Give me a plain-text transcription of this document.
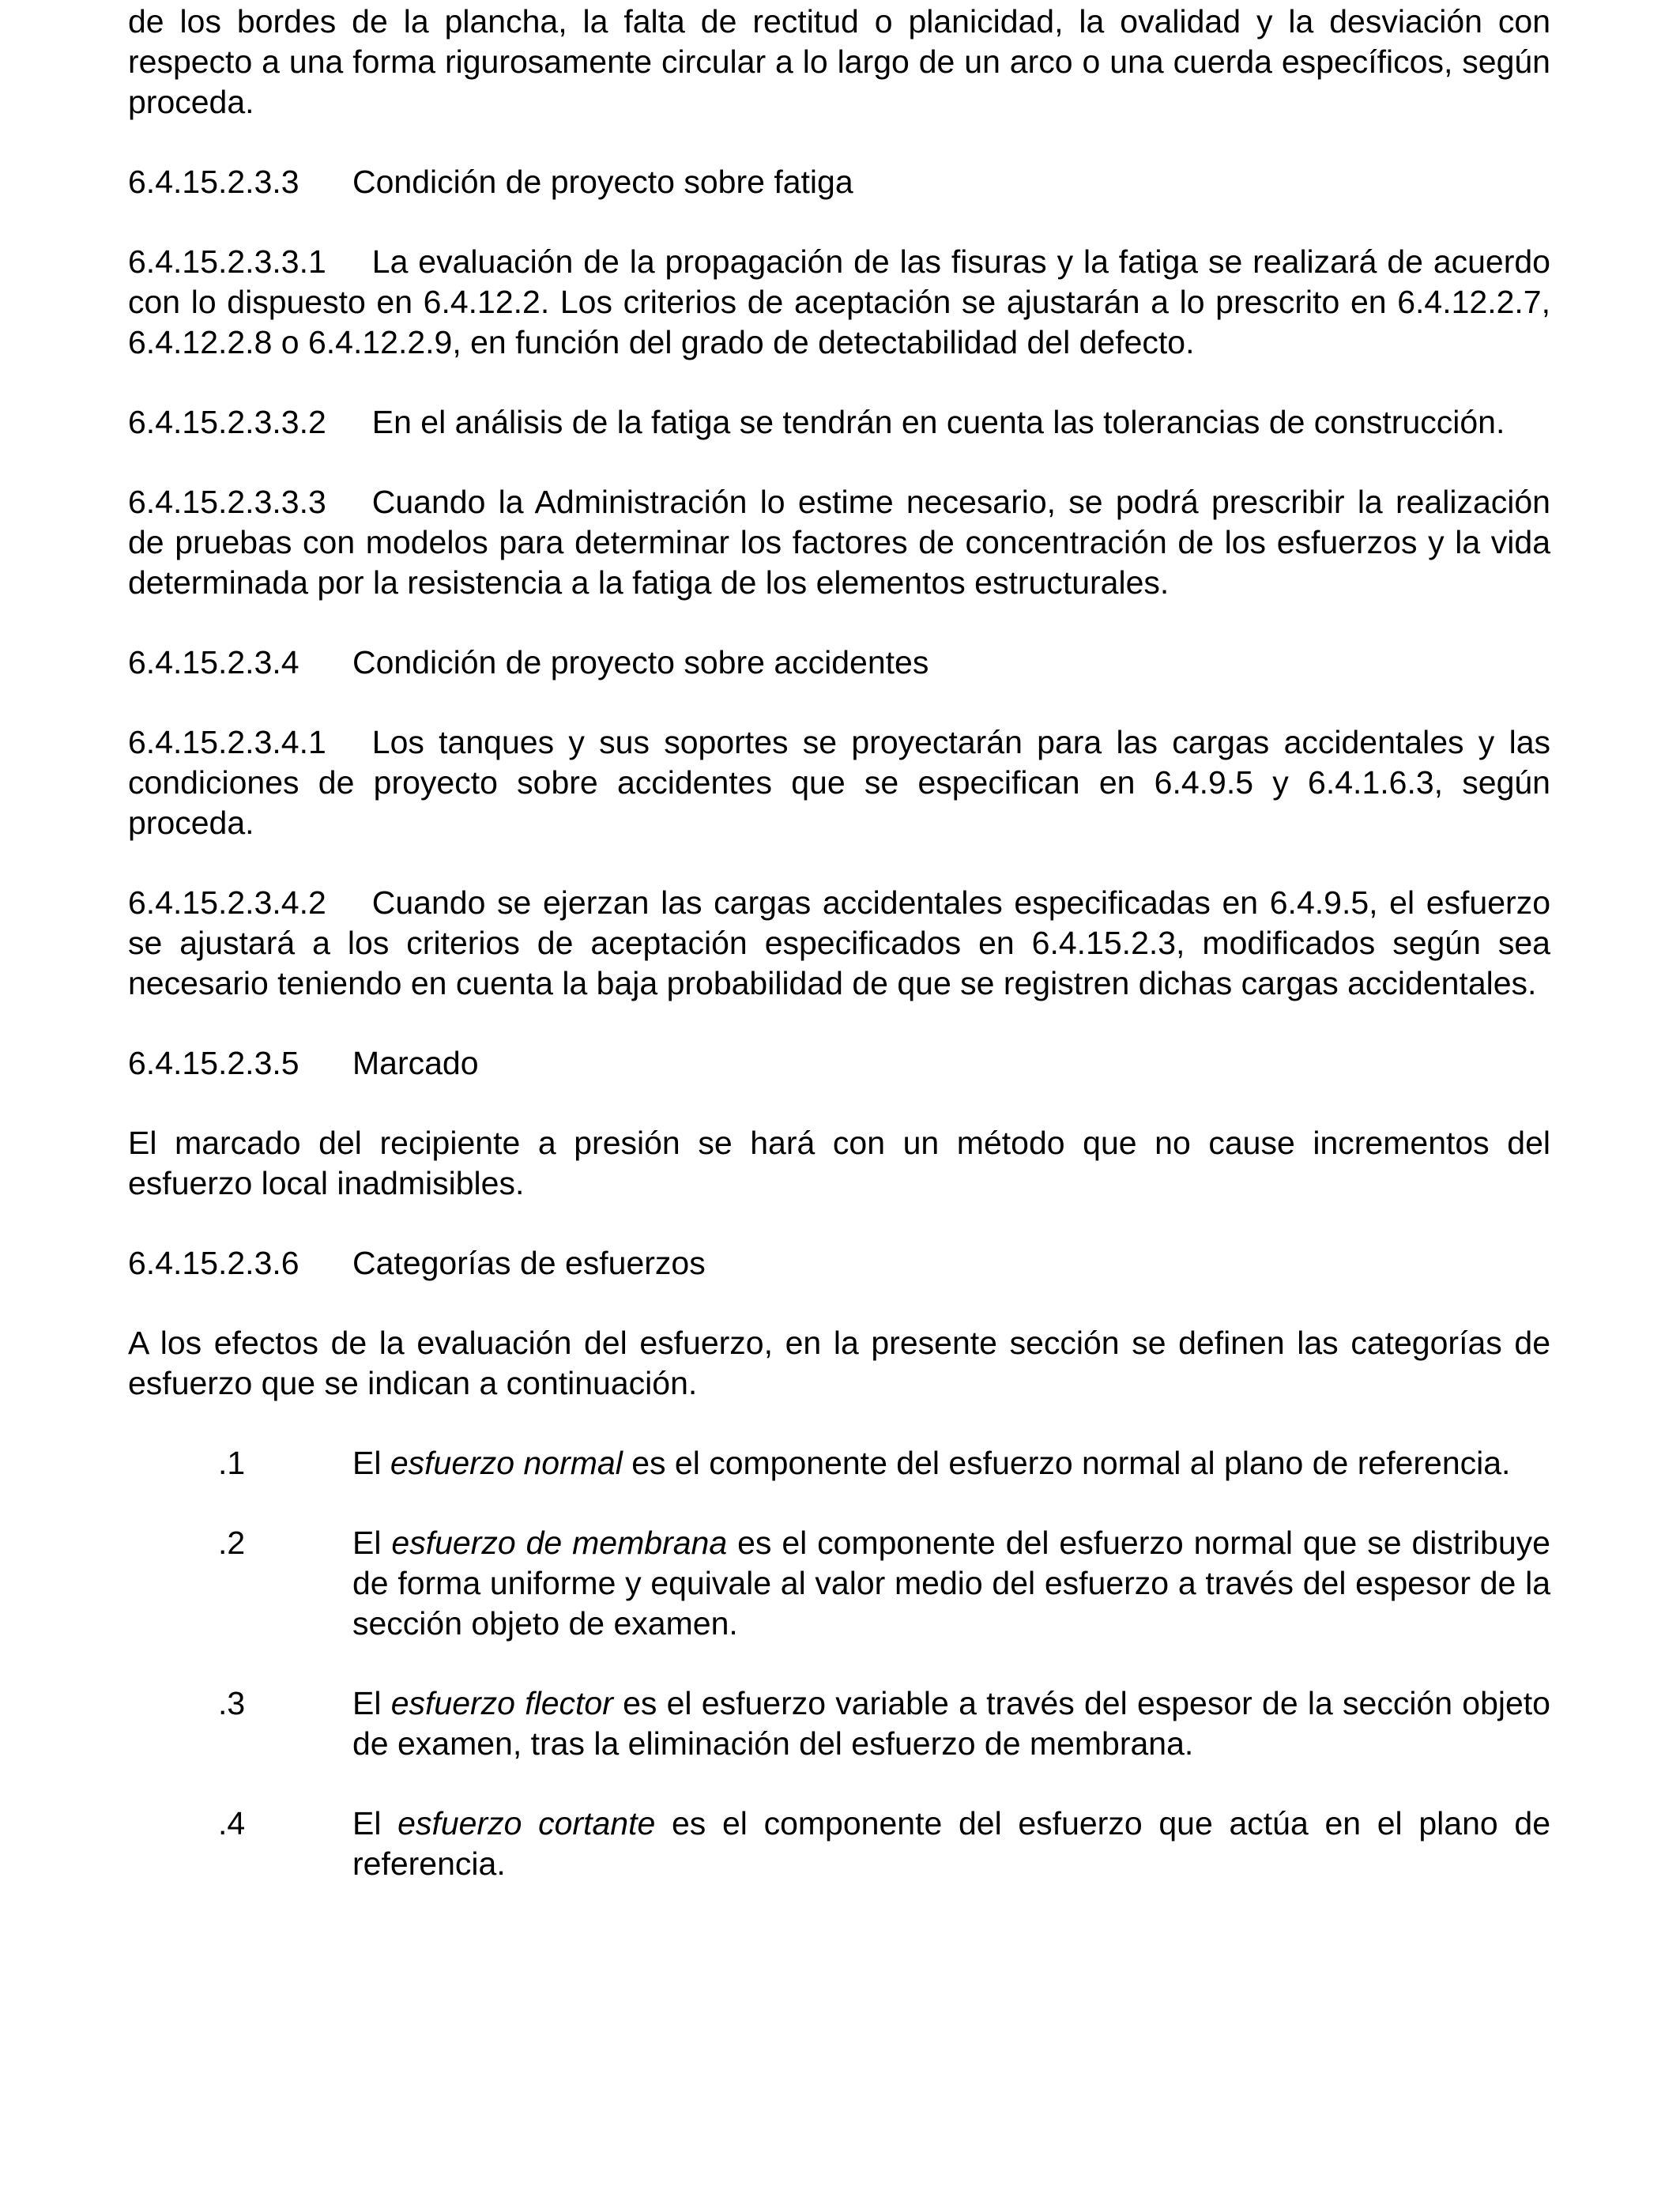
de los bordes de la plancha, la falta de rectitud o planicidad, la ovalidad y la desviación con respecto a una forma rigurosamente circular a lo largo de un arco o una cuerda específicos, según proceda.

6.4.15.2.3.3 Condición de proyecto sobre fatiga

6.4.15.2.3.3.1 La evaluación de la propagación de las fisuras y la fatiga se realizará de acuerdo con lo dispuesto en 6.4.12.2. Los criterios de aceptación se ajustarán a lo prescrito en 6.4.12.2.7, 6.4.12.2.8 o 6.4.12.2.9, en función del grado de detectabilidad del defecto.

6.4.15.2.3.3.2 En el análisis de la fatiga se tendrán en cuenta las tolerancias de construcción.

6.4.15.2.3.3.3 Cuando la Administración lo estime necesario, se podrá prescribir la realización de pruebas con modelos para determinar los factores de concentración de los esfuerzos y la vida determinada por la resistencia a la fatiga de los elementos estructurales.

6.4.15.2.3.4 Condición de proyecto sobre accidentes

6.4.15.2.3.4.1 Los tanques y sus soportes se proyectarán para las cargas accidentales y las condiciones de proyecto sobre accidentes que se especifican en 6.4.9.5 y 6.4.1.6.3, según proceda.

6.4.15.2.3.4.2 Cuando se ejerzan las cargas accidentales especificadas en 6.4.9.5, el esfuerzo se ajustará a los criterios de aceptación especificados en 6.4.15.2.3, modificados según sea necesario teniendo en cuenta la baja probabilidad de que se registren dichas cargas accidentales.

6.4.15.2.3.5 Marcado

El marcado del recipiente a presión se hará con un método que no cause incrementos del esfuerzo local inadmisibles.

6.4.15.2.3.6 Categorías de esfuerzos

A los efectos de la evaluación del esfuerzo, en la presente sección se definen las categorías de esfuerzo que se indican a continuación.

.1	El esfuerzo normal es el componente del esfuerzo normal al plano de referencia.
.2	El esfuerzo de membrana es el componente del esfuerzo normal que se distribuye de forma uniforme y equivale al valor medio del esfuerzo a través del espesor de la sección objeto de examen.
.3	El esfuerzo flector es el esfuerzo variable a través del espesor de la sección objeto de examen, tras la eliminación del esfuerzo de membrana.
.4	El esfuerzo cortante es el componente del esfuerzo que actúa en el plano de referencia.
